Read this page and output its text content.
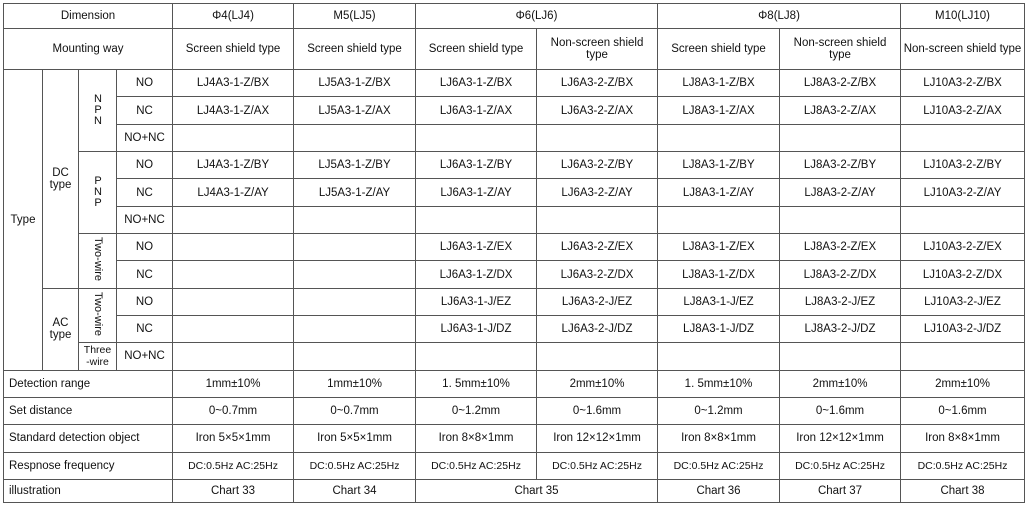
Dimension				Φ4(LJ4)	M5(LJ5)	Φ6(LJ6)		Φ8(LJ8)		M10(LJ10)
Mounting way				Screen shield type	Screen shield type	Screen shield type	Non-screen shield type	Screen shield type	Non-screen shield type	Non-screen shield type
Type	DC type	NPN	NO	LJ4A3-1-Z/BX	LJ5A3-1-Z/BX	LJ6A3-1-Z/BX	LJ6A3-2-Z/BX	LJ8A3-1-Z/BX	LJ8A3-2-Z/BX	LJ10A3-2-Z/BX
			NC	LJ4A3-1-Z/AX	LJ5A3-1-Z/AX	LJ6A3-1-Z/AX	LJ6A3-2-Z/AX	LJ8A3-1-Z/AX	LJ8A3-2-Z/AX	LJ10A3-2-Z/AX
			NO+NC							
		PNP	NO	LJ4A3-1-Z/BY	LJ5A3-1-Z/BY	LJ6A3-1-Z/BY	LJ6A3-2-Z/BY	LJ8A3-1-Z/BY	LJ8A3-2-Z/BY	LJ10A3-2-Z/BY
			NC	LJ4A3-1-Z/AY	LJ5A3-1-Z/AY	LJ6A3-1-Z/AY	LJ6A3-2-Z/AY	LJ8A3-1-Z/AY	LJ8A3-2-Z/AY	LJ10A3-2-Z/AY
			NO+NC							
		Two-wire	NO			LJ6A3-1-Z/EX	LJ6A3-2-Z/EX	LJ8A3-1-Z/EX	LJ8A3-2-Z/EX	LJ10A3-2-Z/EX
			NC			LJ6A3-1-Z/DX	LJ6A3-2-Z/DX	LJ8A3-1-Z/DX	LJ8A3-2-Z/DX	LJ10A3-2-Z/DX
	AC type	Two-wire	NO			LJ6A3-1-J/EZ	LJ6A3-2-J/EZ	LJ8A3-1-J/EZ	LJ8A3-2-J/EZ	LJ10A3-2-J/EZ
			NC			LJ6A3-1-J/DZ	LJ6A3-2-J/DZ	LJ8A3-1-J/DZ	LJ8A3-2-J/DZ	LJ10A3-2-J/DZ
		Three -wire	NO+NC							
Detection range				1mm±10%	1mm±10%	1. 5mm±10%	2mm±10%	1. 5mm±10%	2mm±10%	2mm±10%
Set distance				0~0.7mm	0~0.7mm	0~1.2mm	0~1.6mm	0~1.2mm	0~1.6mm	0~1.6mm
Standard detection object				Iron 5×5×1mm	Iron 5×5×1mm	Iron 8×8×1mm	Iron 12×12×1mm	Iron 8×8×1mm	Iron 12×12×1mm	Iron 8×8×1mm
Respnose frequency				DC:0.5Hz AC:25Hz	DC:0.5Hz AC:25Hz	DC:0.5Hz AC:25Hz	DC:0.5Hz AC:25Hz	DC:0.5Hz AC:25Hz	DC:0.5Hz AC:25Hz	DC:0.5Hz AC:25Hz
illustration				Chart 33	Chart 34	Chart 35		Chart 36	Chart 37	Chart 38
